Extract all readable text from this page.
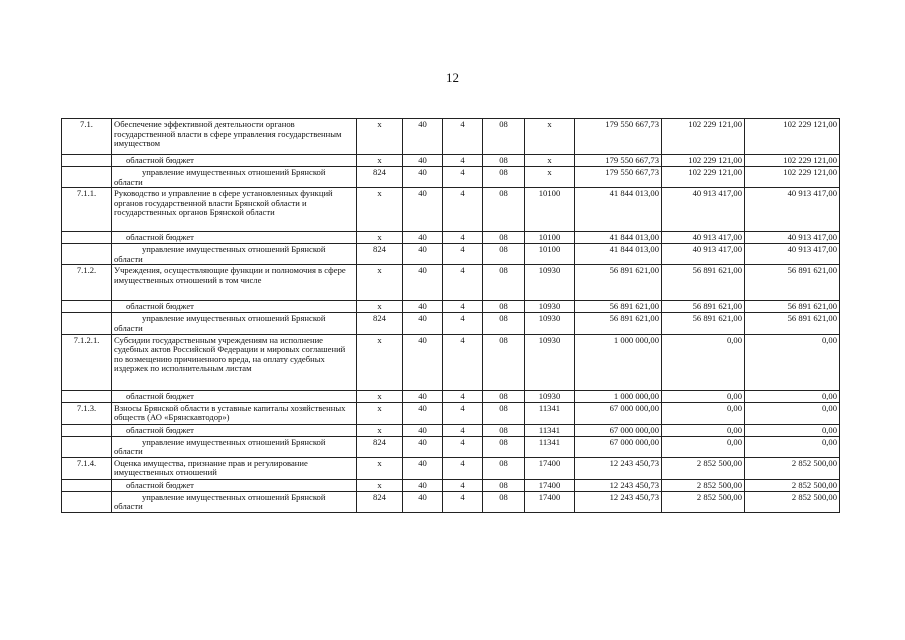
12
7.1.	Обеспечение эффективной деятельности органов государственной власти в сфере управления государственным имуществом	х	40	4	08	х	179 550 667,73	102 229 121,00	102 229 121,00
	областной бюджет	х	40	4	08	х	179 550 667,73	102 229 121,00	102 229 121,00
	управление имущественных отношений Брянской области	824	40	4	08	х	179 550 667,73	102 229 121,00	102 229 121,00
7.1.1.	Руководство и управление в сфере установленных функций органов государственной власти Брянской области и государственных органов Брянской области	х	40	4	08	10100	41 844 013,00	40 913 417,00	40 913 417,00
	областной бюджет	х	40	4	08	10100	41 844 013,00	40 913 417,00	40 913 417,00
	управление имущественных отношений Брянской области	824	40	4	08	10100	41 844 013,00	40 913 417,00	40 913 417,00
7.1.2.	Учреждения, осуществляющие функции и полномочия в сфере имущественных отношений в том числе	х	40	4	08	10930	56 891 621,00	56 891 621,00	56 891 621,00
	областной бюджет	х	40	4	08	10930	56 891 621,00	56 891 621,00	56 891 621,00
	управление имущественных отношений Брянской области	824	40	4	08	10930	56 891 621,00	56 891 621,00	56 891 621,00
7.1.2.1.	Субсидии государственным учреждениям на исполнение судебных актов Российской Федерации и мировых соглашений по возмещению причиненного вреда, на оплату судебных издержек по исполнительным листам	х	40	4	08	10930	1 000 000,00	0,00	0,00
	областной бюджет	х	40	4	08	10930	1 000 000,00	0,00	0,00
7.1.3.	Взносы Брянской области в уставные капиталы хозяйственных обществ (АО «Брянскавтодор»)	х	40	4	08	11341	67 000 000,00	0,00	0,00
	областной бюджет	х	40	4	08	11341	67 000 000,00	0,00	0,00
	управление имущественных отношений Брянской области	824	40	4	08	11341	67 000 000,00	0,00	0,00
7.1.4.	Оценка имущества, признание прав и регулирование имущественных отношений	х	40	4	08	17400	12 243 450,73	2 852 500,00	2 852 500,00
	областной бюджет	х	40	4	08	17400	12 243 450,73	2 852 500,00	2 852 500,00
	управление имущественных отношений Брянской области	824	40	4	08	17400	12 243 450,73	2 852 500,00	2 852 500,00
